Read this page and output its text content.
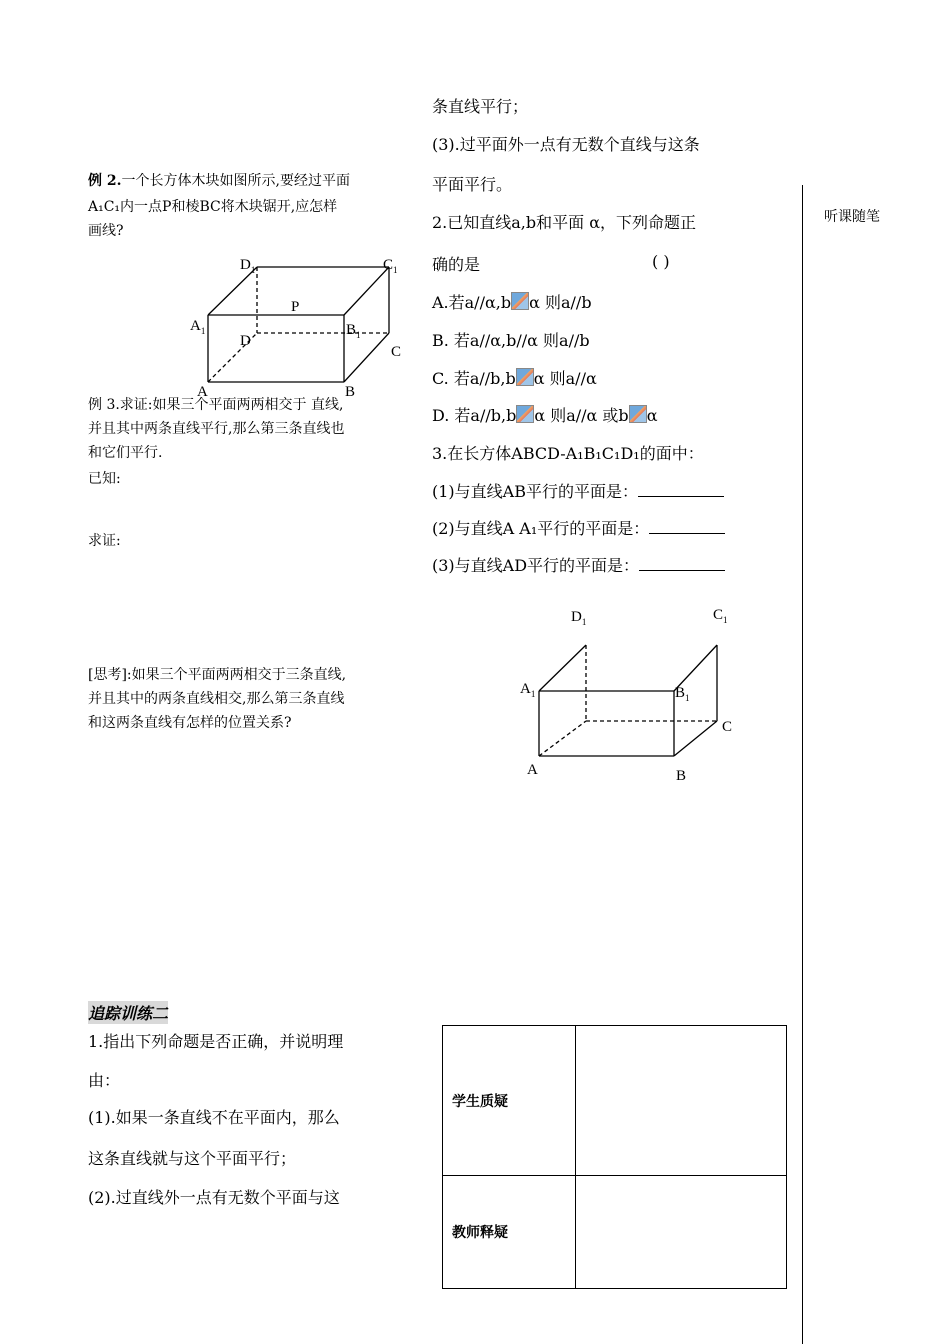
条直线平行；
(3).过平面外一点有无数个直线与这条
平面平行。
2.已知直线a,b和平面 α，下列命题正
确的是	( )
A.若a//α,b α 则a//b
B. 若a//α,b//α 则a//b
C. 若a//b,b α 则a//α
D. 若a//b,b α 则a//α 或b α
3.在长方体ABCD-A₁B₁C₁D₁的面中：
(1)与直线AB平行的平面是：
(2)与直线A A₁平行的平面是：
(3)与直线AD平行的平面是：
听课随笔
例 2.一个长方体木块如图所示,要经过平面
A₁C₁内一点P和棱BC将木块锯开,应怎样
画线?
$D_1$	$C_1$
P
$A_1$	$B_1$
D
C
A	B
例 3.求证:如果三个平面两两相交于 直线,
并且其中两条直线平行,那么第三条直线也
和它们平行.
已知:
求证:
[思考]:如果三个平面两两相交于三条直线,
并且其中的两条直线相交,那么第三条直线
和这两条直线有怎样的位置关系?
$D_1$	$C_1$
$A_1$	$B_1$
C
A	B
追踪训练二
1.指出下列命题是否正确，并说明理
由：
(1).如果一条直线不在平面内，那么
这条直线就与这个平面平行；
(2).过直线外一点有无数个平面与这
学生质疑	
教师释疑	
